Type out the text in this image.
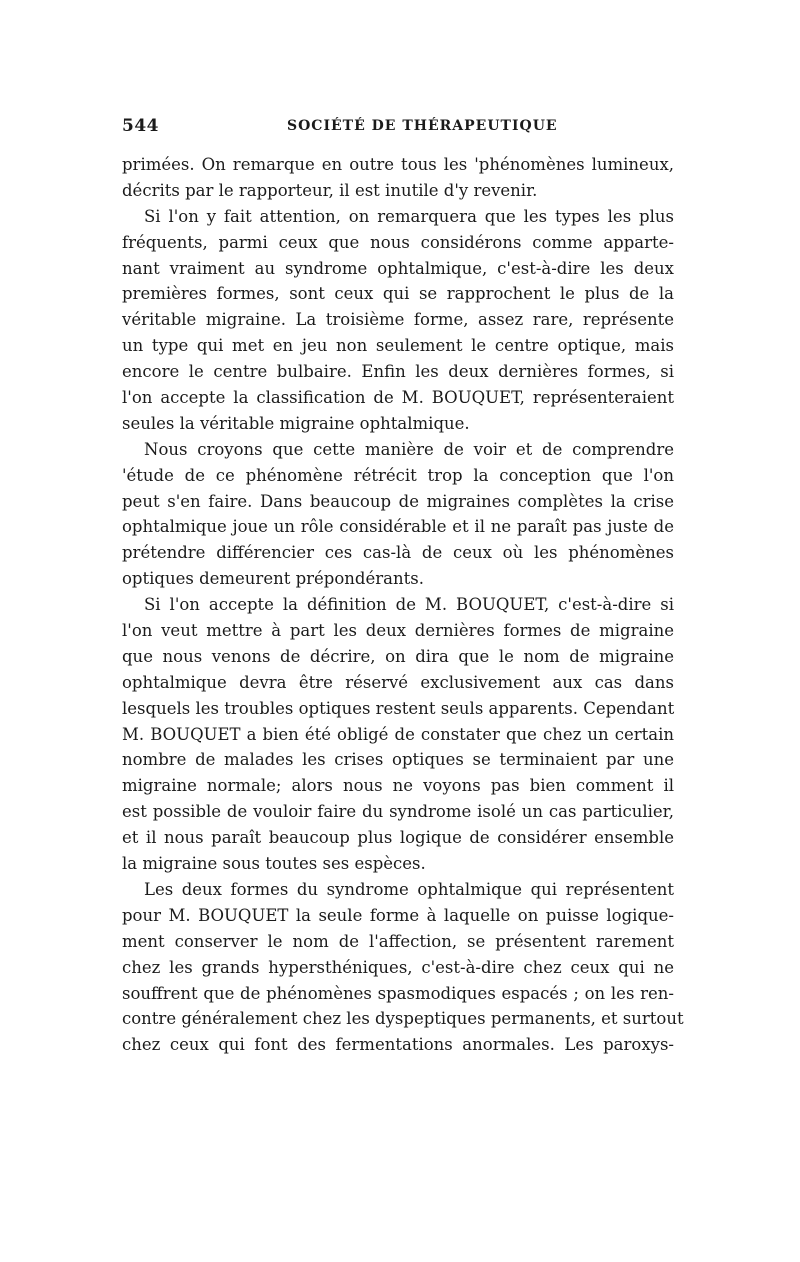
544	SOCIÉTÉ DE THÉRAPEUTIQUE
primées. On remarque en outre tous les 'phénomènes lumineux,
décrits par le rapporteur, il est inutile d'y revenir.
Si l'on y fait attention, on remarquera que les types les plus
fréquents, parmi ceux que nous considérons comme apparte-
nant vraiment au syndrome ophtalmique, c'est-à-dire les deux
premières formes, sont ceux qui se rapprochent le plus de la
véritable migraine. La troisième forme, assez rare, représente
un type qui met en jeu non seulement le centre optique, mais
encore le centre bulbaire. Enfin les deux dernières formes, si
l'on accepte la classification de M. BOUQUET, représenteraient
seules la véritable migraine ophtalmique.
Nous croyons que cette manière de voir et de comprendre
'étude de ce phénomène rétrécit trop la conception que l'on
peut s'en faire. Dans beaucoup de migraines complètes la crise
ophtalmique joue un rôle considérable et il ne paraît pas juste de
prétendre différencier ces cas-là de ceux où les phénomènes
optiques demeurent prépondérants.
Si l'on accepte la définition de M. BOUQUET, c'est-à-dire si
l'on veut mettre à part les deux dernières formes de migraine
que nous venons de décrire, on dira que le nom de migraine
ophtalmique devra être réservé exclusivement aux cas dans
lesquels les troubles optiques restent seuls apparents. Cependant
M. BOUQUET a bien été obligé de constater que chez un certain
nombre de malades les crises optiques se terminaient par une
migraine normale; alors nous ne voyons pas bien comment il
est possible de vouloir faire du syndrome isolé un cas particulier,
et il nous paraît beaucoup plus logique de considérer ensemble
la migraine sous toutes ses espèces.
Les deux formes du syndrome ophtalmique qui représentent
pour M. BOUQUET la seule forme à laquelle on puisse logique-
ment conserver le nom de l'affection, se présentent rarement
chez les grands hypersthéniques, c'est-à-dire chez ceux qui ne
souffrent que de phénomènes spasmodiques espacés ; on les ren-
contre généralement chez les dyspeptiques permanents, et surtout
chez ceux qui font des fermentations anormales. Les paroxys-
